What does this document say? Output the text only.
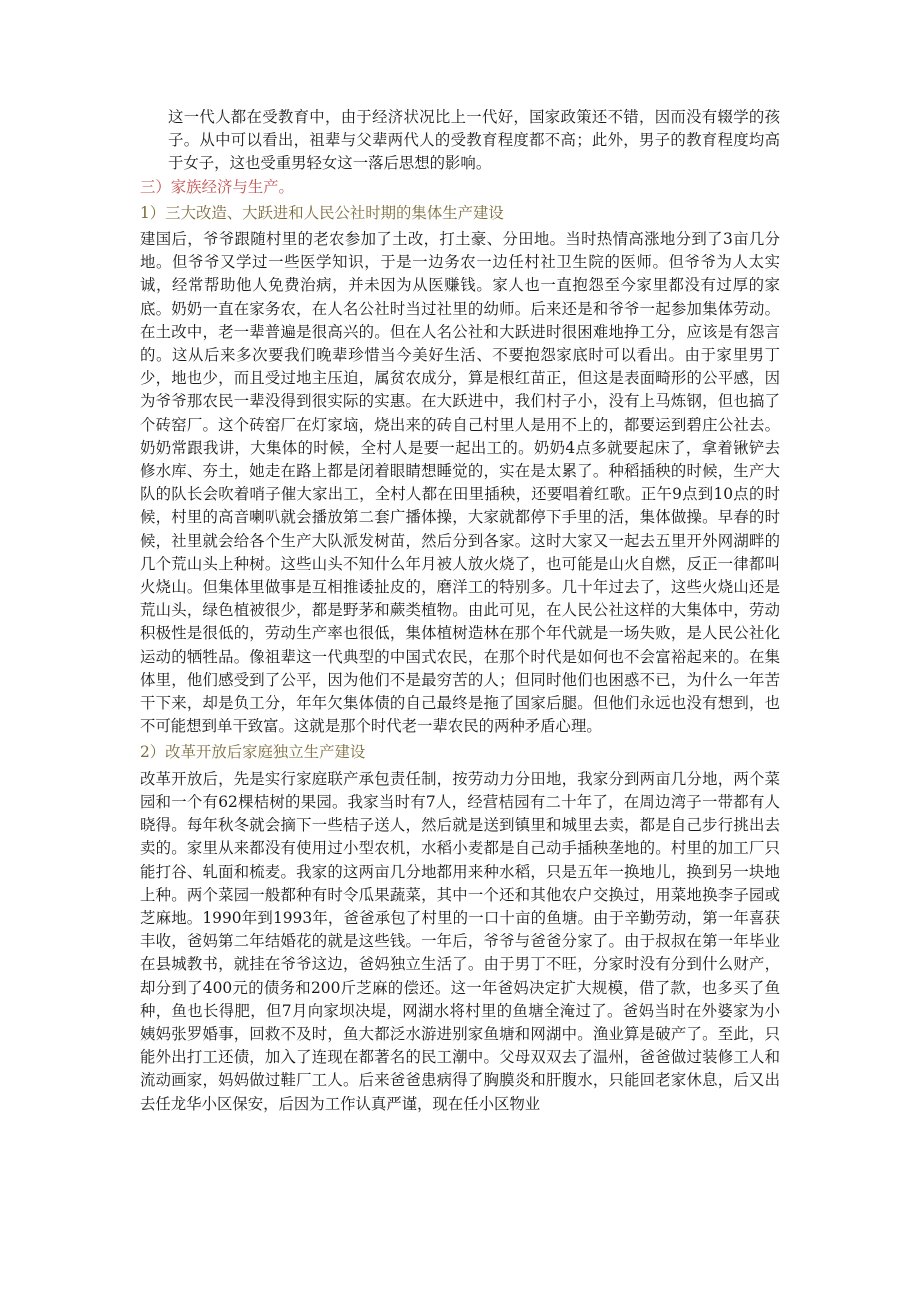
这一代人都在受教育中，由于经济状况比上一代好，国家政策还不错，因而没有辍学的孩子。从中可以看出，祖辈与父辈两代人的受教育程度都不高；此外，男子的教育程度均高于女子，这也受重男轻女这一落后思想的影响。

三）家族经济与生产。

1）三大改造、大跃进和人民公社时期的集体生产建设

建国后，爷爷跟随村里的老农参加了土改，打土豪、分田地。当时热情高涨地分到了3亩几分地。但爷爷又学过一些医学知识，于是一边务农一边任村社卫生院的医师。但爷爷为人太实诚，经常帮助他人免费治病，并未因为从医赚钱。家人也一直抱怨至今家里都没有过厚的家底。奶奶一直在家务农，在人名公社时当过社里的幼师。后来还是和爷爷一起参加集体劳动。在土改中，老一辈普遍是很高兴的。但在人名公社和大跃进时很困难地挣工分，应该是有怨言的。这从后来多次要我们晚辈珍惜当今美好生活、不要抱怨家底时可以看出。由于家里男丁少，地也少，而且受过地主压迫，属贫农成分，算是根红苗正，但这是表面畸形的公平感，因为爷爷那农民一辈没得到很实际的实惠。在大跃进中，我们村子小，没有上马炼钢，但也搞了个砖窑厂。这个砖窑厂在灯家垴，烧出来的砖自己村里人是用不上的，都要运到碧庄公社去。奶奶常跟我讲，大集体的时候，全村人是要一起出工的。奶奶4点多就要起床了，拿着锹铲去修水库、夯土，她走在路上都是闭着眼睛想睡觉的，实在是太累了。种稻插秧的时候，生产大队的队长会吹着哨子催大家出工，全村人都在田里插秧，还要唱着红歌。正午9点到10点的时候，村里的高音喇叭就会播放第二套广播体操，大家就都停下手里的活，集体做操。早春的时候，社里就会给各个生产大队派发树苗，然后分到各家。这时大家又一起去五里开外网湖畔的几个荒山头上种树。这些山头不知什么年月被人放火烧了，也可能是山火自燃，反正一律都叫火烧山。但集体里做事是互相推诿扯皮的，磨洋工的特别多。几十年过去了，这些火烧山还是荒山头，绿色植被很少，都是野茅和蕨类植物。由此可见，在人民公社这样的大集体中，劳动积极性是很低的，劳动生产率也很低，集体植树造林在那个年代就是一场失败，是人民公社化运动的牺牲品。像祖辈这一代典型的中国式农民，在那个时代是如何也不会富裕起来的。在集体里，他们感受到了公平，因为他们不是最穷苦的人；但同时他们也困惑不已，为什么一年苦干下来，却是负工分，年年欠集体债的自己最终是拖了国家后腿。但他们永远也没有想到，也不可能想到单干致富。这就是那个时代老一辈农民的两种矛盾心理。

2）改革开放后家庭独立生产建设

改革开放后，先是实行家庭联产承包责任制，按劳动力分田地，我家分到两亩几分地，两个菜园和一个有62棵桔树的果园。我家当时有7人，经营桔园有二十年了，在周边湾子一带都有人晓得。每年秋冬就会摘下一些桔子送人，然后就是送到镇里和城里去卖，都是自己步行挑出去卖的。家里从来都没有使用过小型农机，水稻小麦都是自己动手插秧垄地的。村里的加工厂只能打谷、轧面和梳麦。我家的这两亩几分地都用来种水稻，只是五年一换地儿，换到另一块地上种。两个菜园一般都种有时令瓜果蔬菜，其中一个还和其他农户交换过，用菜地换李子园或芝麻地。1990年到1993年，爸爸承包了村里的一口十亩的鱼塘。由于辛勤劳动，第一年喜获丰收，爸妈第二年结婚花的就是这些钱。一年后，爷爷与爸爸分家了。由于叔叔在第一年毕业在县城教书，就挂在爷爷这边，爸妈独立生活了。由于男丁不旺，分家时没有分到什么财产，却分到了400元的债务和200斤芝麻的偿还。这一年爸妈决定扩大规模，借了款，也多买了鱼种，鱼也长得肥，但7月向家坝决堤，网湖水将村里的鱼塘全淹过了。爸妈当时在外婆家为小姨妈张罗婚事，回救不及时，鱼大都泛水游进别家鱼塘和网湖中。渔业算是破产了。至此，只能外出打工还债，加入了连现在都著名的民工潮中。父母双双去了温州，爸爸做过装修工人和流动画家，妈妈做过鞋厂工人。后来爸爸患病得了胸膜炎和肝腹水，只能回老家休息，后又出去任龙华小区保安，后因为工作认真严谨，现在任小区物业
